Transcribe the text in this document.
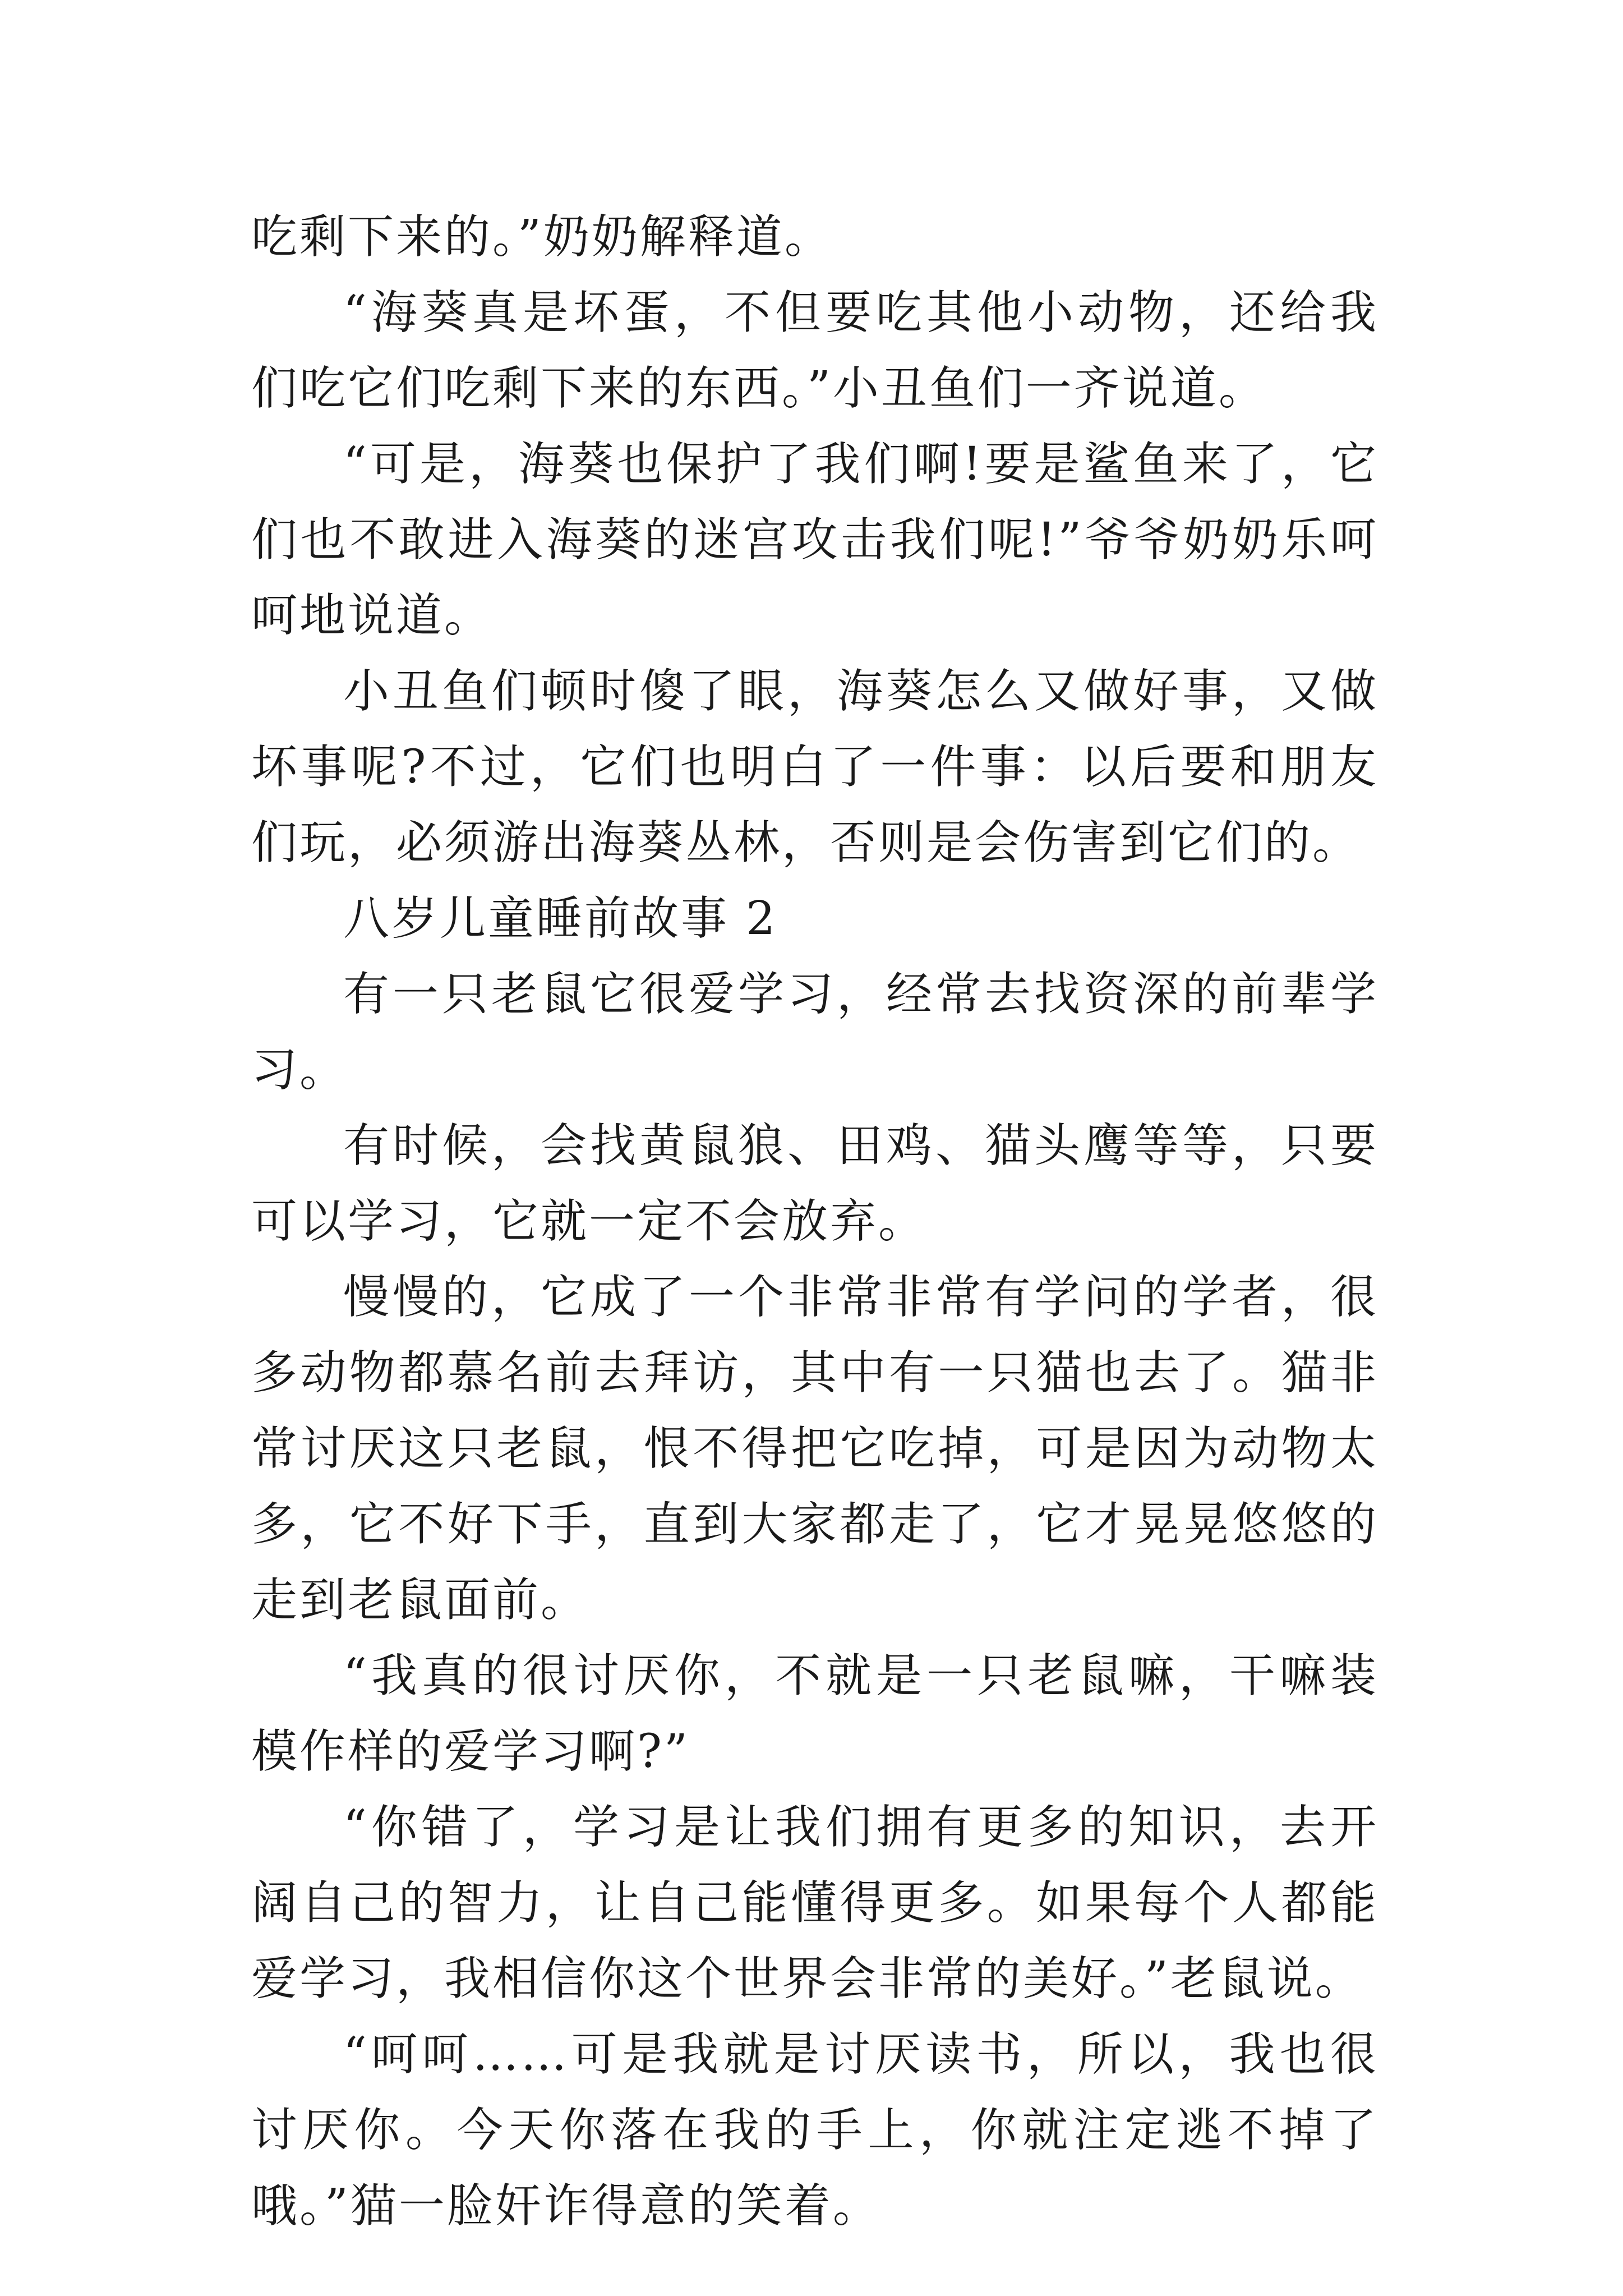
吃剩下来的。”奶奶解释道。

“海葵真是坏蛋，不但要吃其他小动物，还给我们吃它们吃剩下来的东西。”小丑鱼们一齐说道。

“可是，海葵也保护了我们啊!要是鲨鱼来了，它们也不敢进入海葵的迷宫攻击我们呢!”爷爷奶奶乐呵呵地说道。

小丑鱼们顿时傻了眼，海葵怎么又做好事，又做坏事呢?不过，它们也明白了一件事：以后要和朋友们玩，必须游出海葵丛林，否则是会伤害到它们的。

八岁儿童睡前故事 2

有一只老鼠它很爱学习，经常去找资深的前辈学习。

有时候，会找黄鼠狼、田鸡、猫头鹰等等，只要可以学习，它就一定不会放弃。

慢慢的，它成了一个非常非常有学问的学者，很多动物都慕名前去拜访，其中有一只猫也去了。猫非常讨厌这只老鼠，恨不得把它吃掉，可是因为动物太多，它不好下手，直到大家都走了，它才晃晃悠悠的走到老鼠面前。

“我真的很讨厌你，不就是一只老鼠嘛，干嘛装模作样的爱学习啊?”

“你错了，学习是让我们拥有更多的知识，去开阔自己的智力，让自己能懂得更多。如果每个人都能爱学习，我相信你这个世界会非常的美好。”老鼠说。

“呵呵……可是我就是讨厌读书，所以，我也很讨厌你。今天你落在我的手上，你就注定逃不掉了哦。”猫一脸奸诈得意的笑着。
